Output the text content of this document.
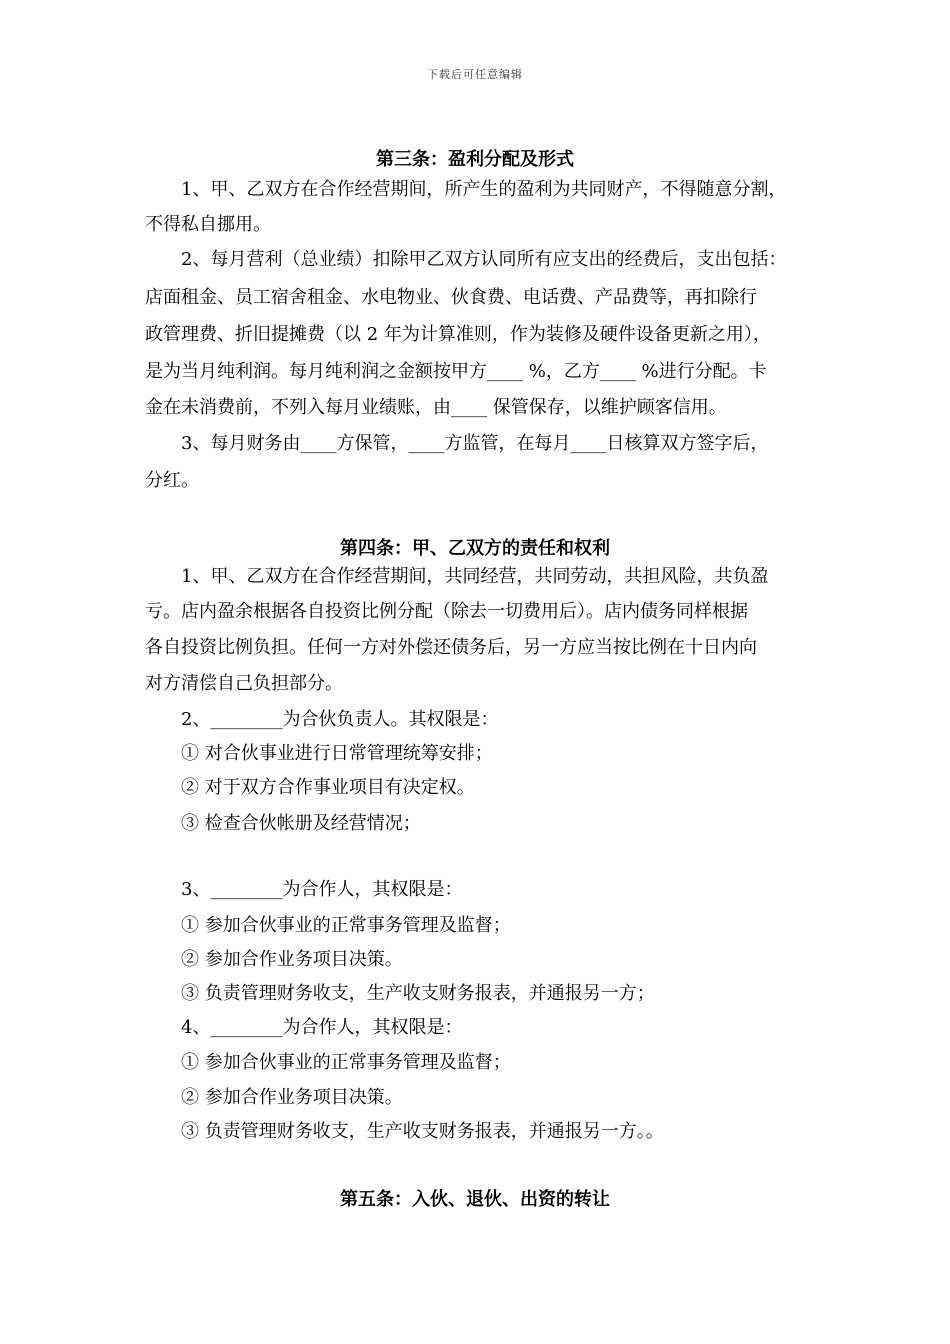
下载后可任意编辑
第三条：盈利分配及形式
1、甲、乙双方在合作经营期间，所产生的盈利为共同财产，不得随意分割，
不得私自挪用。
2、每月营利（总业绩）扣除甲乙双方认同所有应支出的经费后，支出包括：
店面租金、员工宿舍租金、水电物业、伙食费、电话费、产品费等，再扣除行
政管理费、折旧提摊费（以 2 年为计算准则，作为装修及硬件设备更新之用），
是为当月纯利润。每月纯利润之金额按甲方____ %，乙方____ %进行分配。卡
金在未消费前，不列入每月业绩账，由____ 保管保存，以维护顾客信用。
3、每月财务由____方保管，____方监管，在每月____日核算双方签字后，
分红。
第四条：甲、乙双方的责任和权利
1、甲、乙双方在合作经营期间，共同经营，共同劳动，共担风险，共负盈
亏。店内盈余根据各自投资比例分配（除去一切费用后）。店内债务同样根据
各自投资比例负担。任何一方对外偿还债务后，另一方应当按比例在十日内向
对方清偿自己负担部分。
2、________为合伙负责人。其权限是：
① 对合伙事业进行日常管理统筹安排；
② 对于双方合作事业项目有决定权。
③ 检查合伙帐册及经营情况；
3、________为合作人，其权限是：
① 参加合伙事业的正常事务管理及监督；
② 参加合作业务项目决策。
③ 负责管理财务收支，生产收支财务报表，并通报另一方；
4、________为合作人，其权限是：
① 参加合伙事业的正常事务管理及监督；
② 参加合作业务项目决策。
③ 负责管理财务收支，生产收支财务报表，并通报另一方。。
第五条：入伙、退伙、出资的转让
